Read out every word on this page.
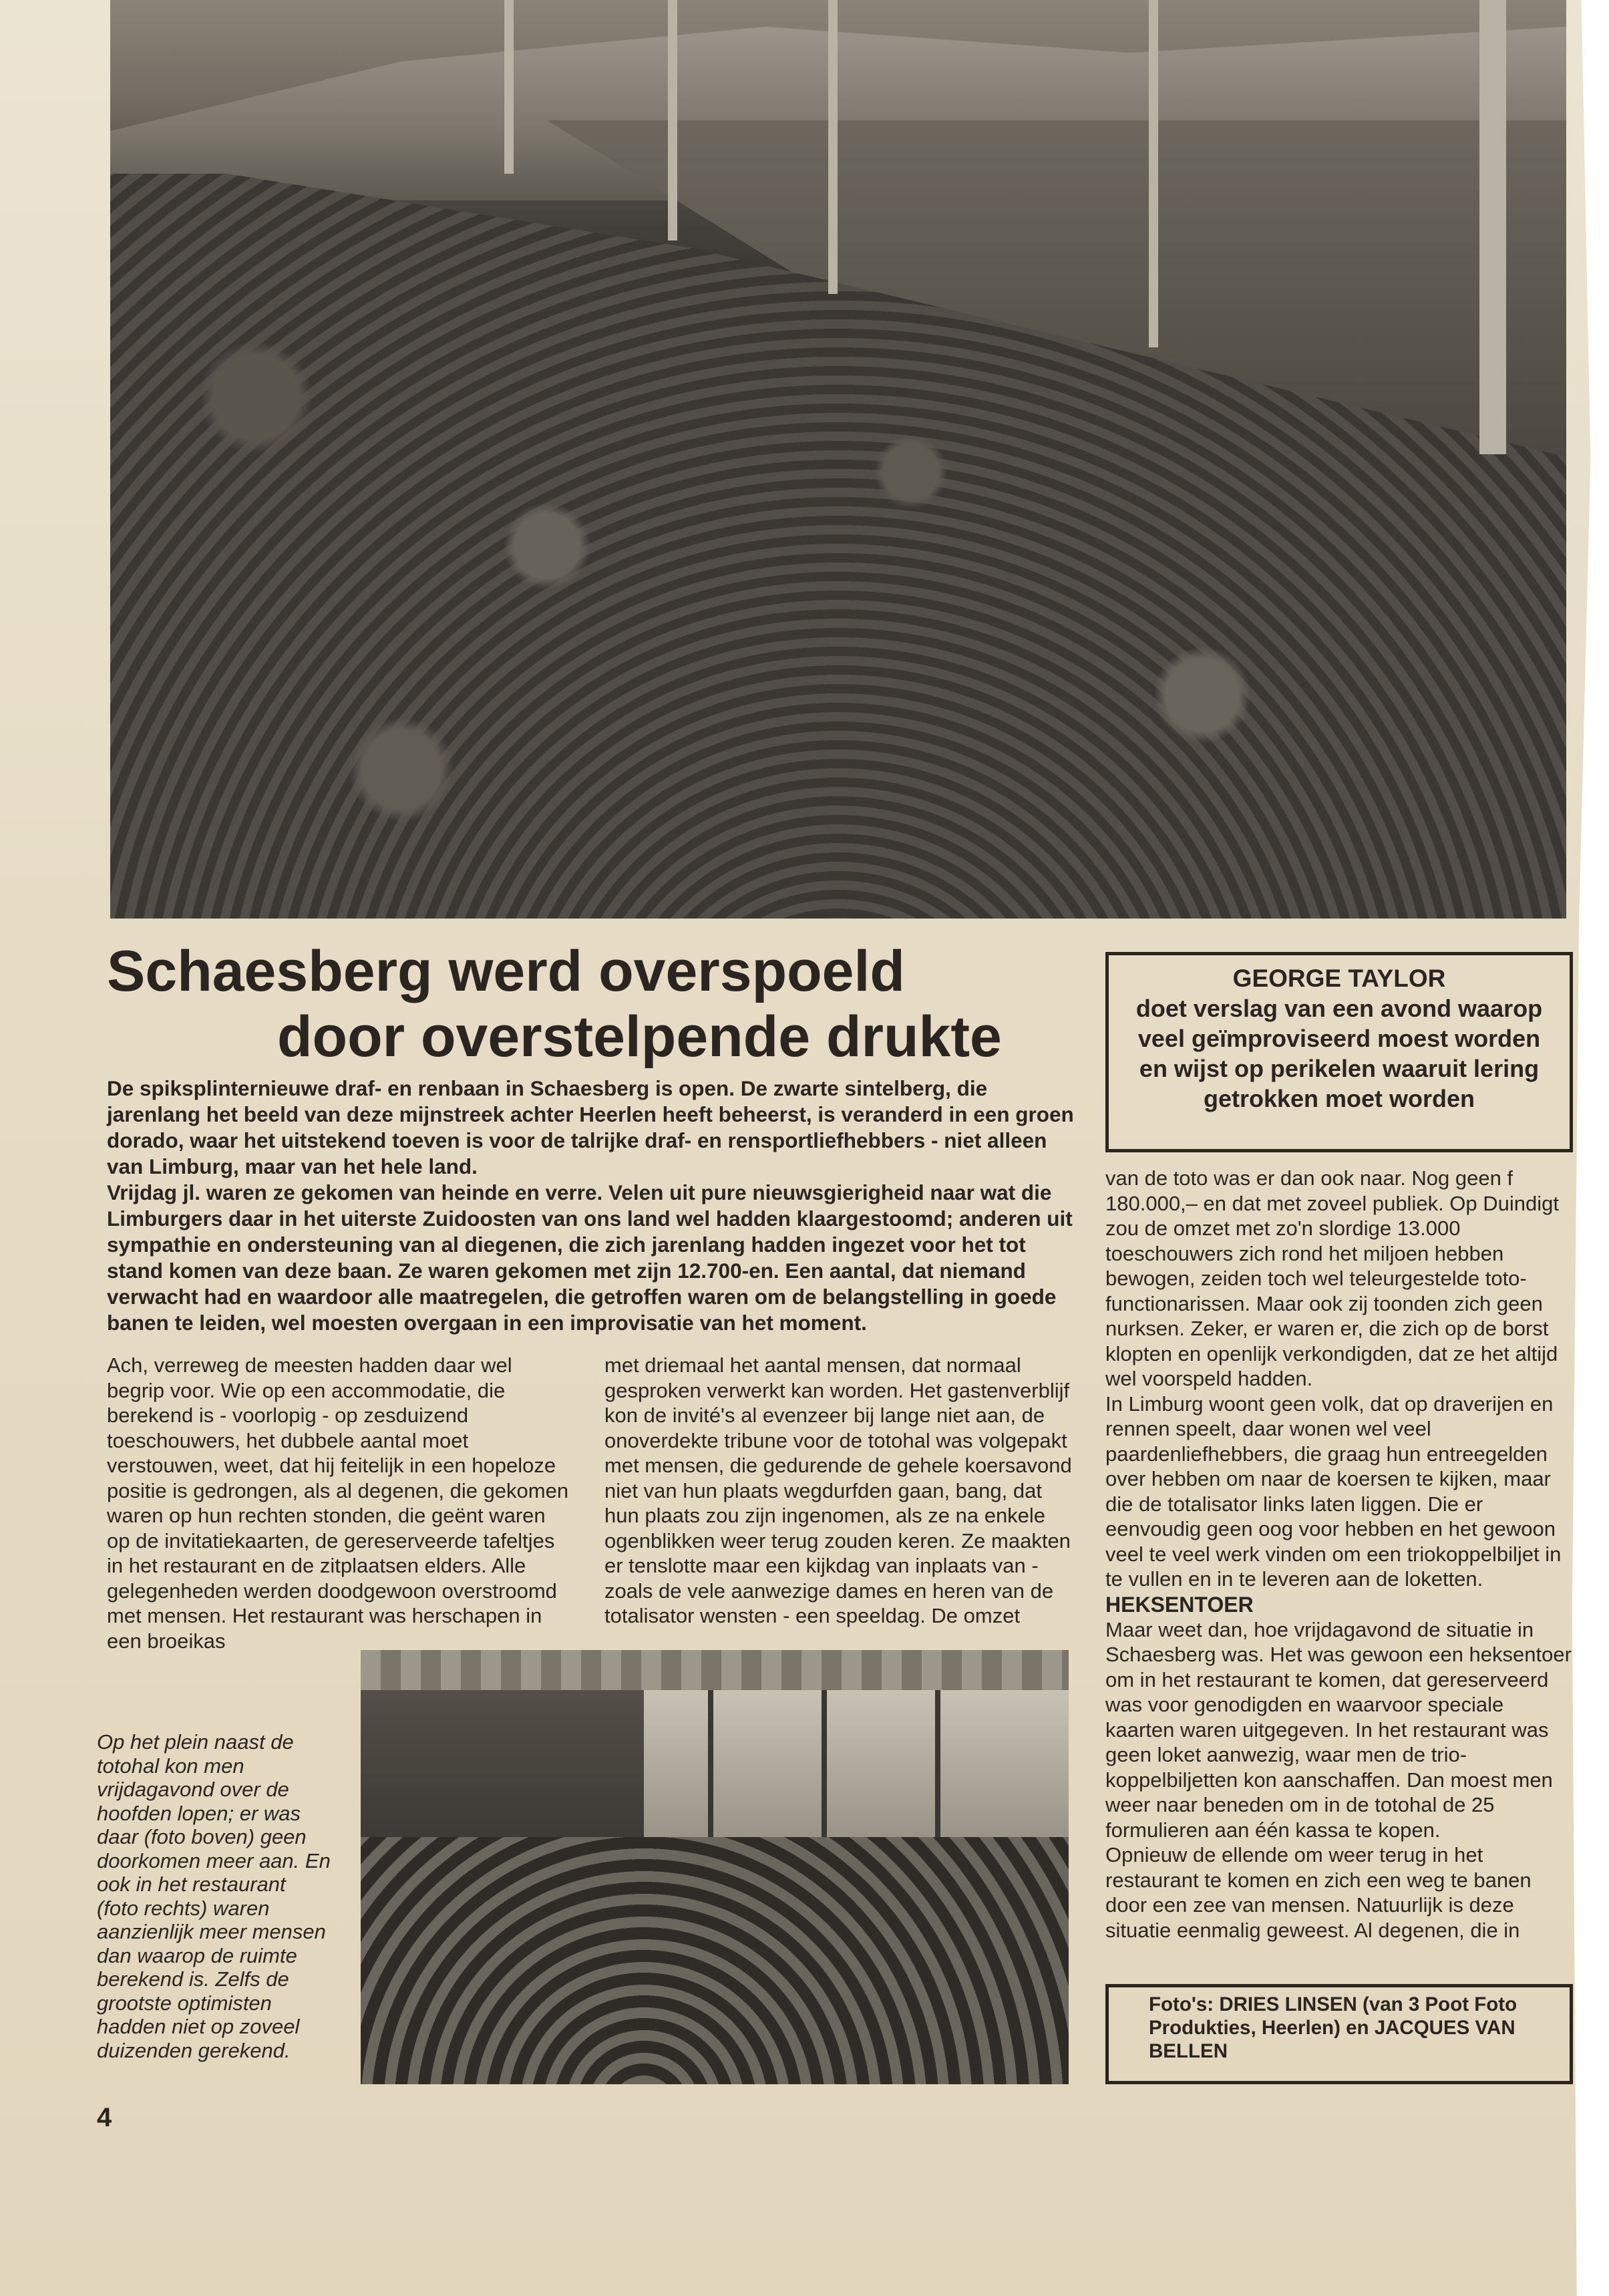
Schaesberg werd overspoeld
door overstelpende drukte

De spiksplinternieuwe draf- en renbaan in Schaesberg is open. De zwarte sintelberg, die jarenlang het beeld van deze mijnstreek achter Heerlen heeft beheerst, is veranderd in een groen dorado, waar het uitstekend toeven is voor de talrijke draf- en rensportliefhebbers - niet alleen van Limburg, maar van het hele land.

Vrijdag jl. waren ze gekomen van heinde en verre. Velen uit pure nieuwsgierigheid naar wat die Limburgers daar in het uiterste Zuidoosten van ons land wel hadden klaargestoomd; anderen uit sympathie en ondersteuning van al diegenen, die zich jarenlang hadden ingezet voor het tot stand komen van deze baan. Ze waren gekomen met zijn 12.700-en. Een aantal, dat niemand verwacht had en waardoor alle maatregelen, die getroffen waren om de belangstelling in goede banen te leiden, wel moesten overgaan in een improvisatie van het moment.

GEORGE TAYLOR
doet verslag van een avond waarop veel geïmproviseerd moest worden en wijst op perikelen waaruit lering getrokken moet worden

Ach, verreweg de meesten hadden daar wel begrip voor. Wie op een accommodatie, die berekend is - voorlopig - op zesduizend toeschouwers, het dubbele aantal moet verstouwen, weet, dat hij feitelijk in een hopeloze positie is gedrongen, als al degenen, die gekomen waren op hun rechten stonden, die geënt waren op de invitatiekaarten, de gereserveerde tafeltjes in het restaurant en de zitplaatsen elders. Alle gelegenheden werden doodgewoon overstroomd met mensen. Het restaurant was herschapen in een broeikas

met driemaal het aantal mensen, dat normaal gesproken verwerkt kan worden. Het gastenverblijf kon de invité's al evenzeer bij lange niet aan, de onoverdekte tribune voor de totohal was volgepakt met mensen, die gedurende de gehele koersavond niet van hun plaats wegdurfden gaan, bang, dat hun plaats zou zijn ingenomen, als ze na enkele ogenblikken weer terug zouden keren. Ze maakten er tenslotte maar een kijkdag van inplaats van - zoals de vele aanwezige dames en heren van de totalisator wensten - een speeldag. De omzet

van de toto was er dan ook naar. Nog geen f 180.000,– en dat met zoveel publiek. Op Duindigt zou de omzet met zo'n slordige 13.000 toeschouwers zich rond het miljoen hebben bewogen, zeiden toch wel teleurgestelde toto-functionarissen. Maar ook zij toonden zich geen nurksen. Zeker, er waren er, die zich op de borst klopten en openlijk verkondigden, dat ze het altijd wel voorspeld hadden.

In Limburg woont geen volk, dat op draverijen en rennen speelt, daar wonen wel veel paardenliefhebbers, die graag hun entreegelden over hebben om naar de koersen te kijken, maar die de totalisator links laten liggen. Die er eenvoudig geen oog voor hebben en het gewoon veel te veel werk vinden om een triokoppelbiljet in te vullen en in te leveren aan de loketten.

HEKSENTOER

Maar weet dan, hoe vrijdagavond de situatie in Schaesberg was. Het was gewoon een heksentoer om in het restaurant te komen, dat gereserveerd was voor genodigden en waarvoor speciale kaarten waren uitgegeven. In het restaurant was geen loket aanwezig, waar men de trio-koppelbiljetten kon aanschaffen. Dan moest men weer naar beneden om in de totohal de 25 formulieren aan één kassa te kopen.

Opnieuw de ellende om weer terug in het restaurant te komen en zich een weg te banen door een zee van mensen. Natuurlijk is deze situatie eenmalig geweest. Al degenen, die in

Op het plein naast de totohal kon men vrijdagavond over de hoofden lopen; er was daar (foto boven) geen doorkomen meer aan. En ook in het restaurant (foto rechts) waren aanzienlijk meer mensen dan waarop de ruimte berekend is. Zelfs de grootste optimisten hadden niet op zoveel duizenden gerekend.

Foto's: DRIES LINSEN (van 3 Poot Foto Produkties, Heerlen) en JACQUES VAN BELLEN

4
